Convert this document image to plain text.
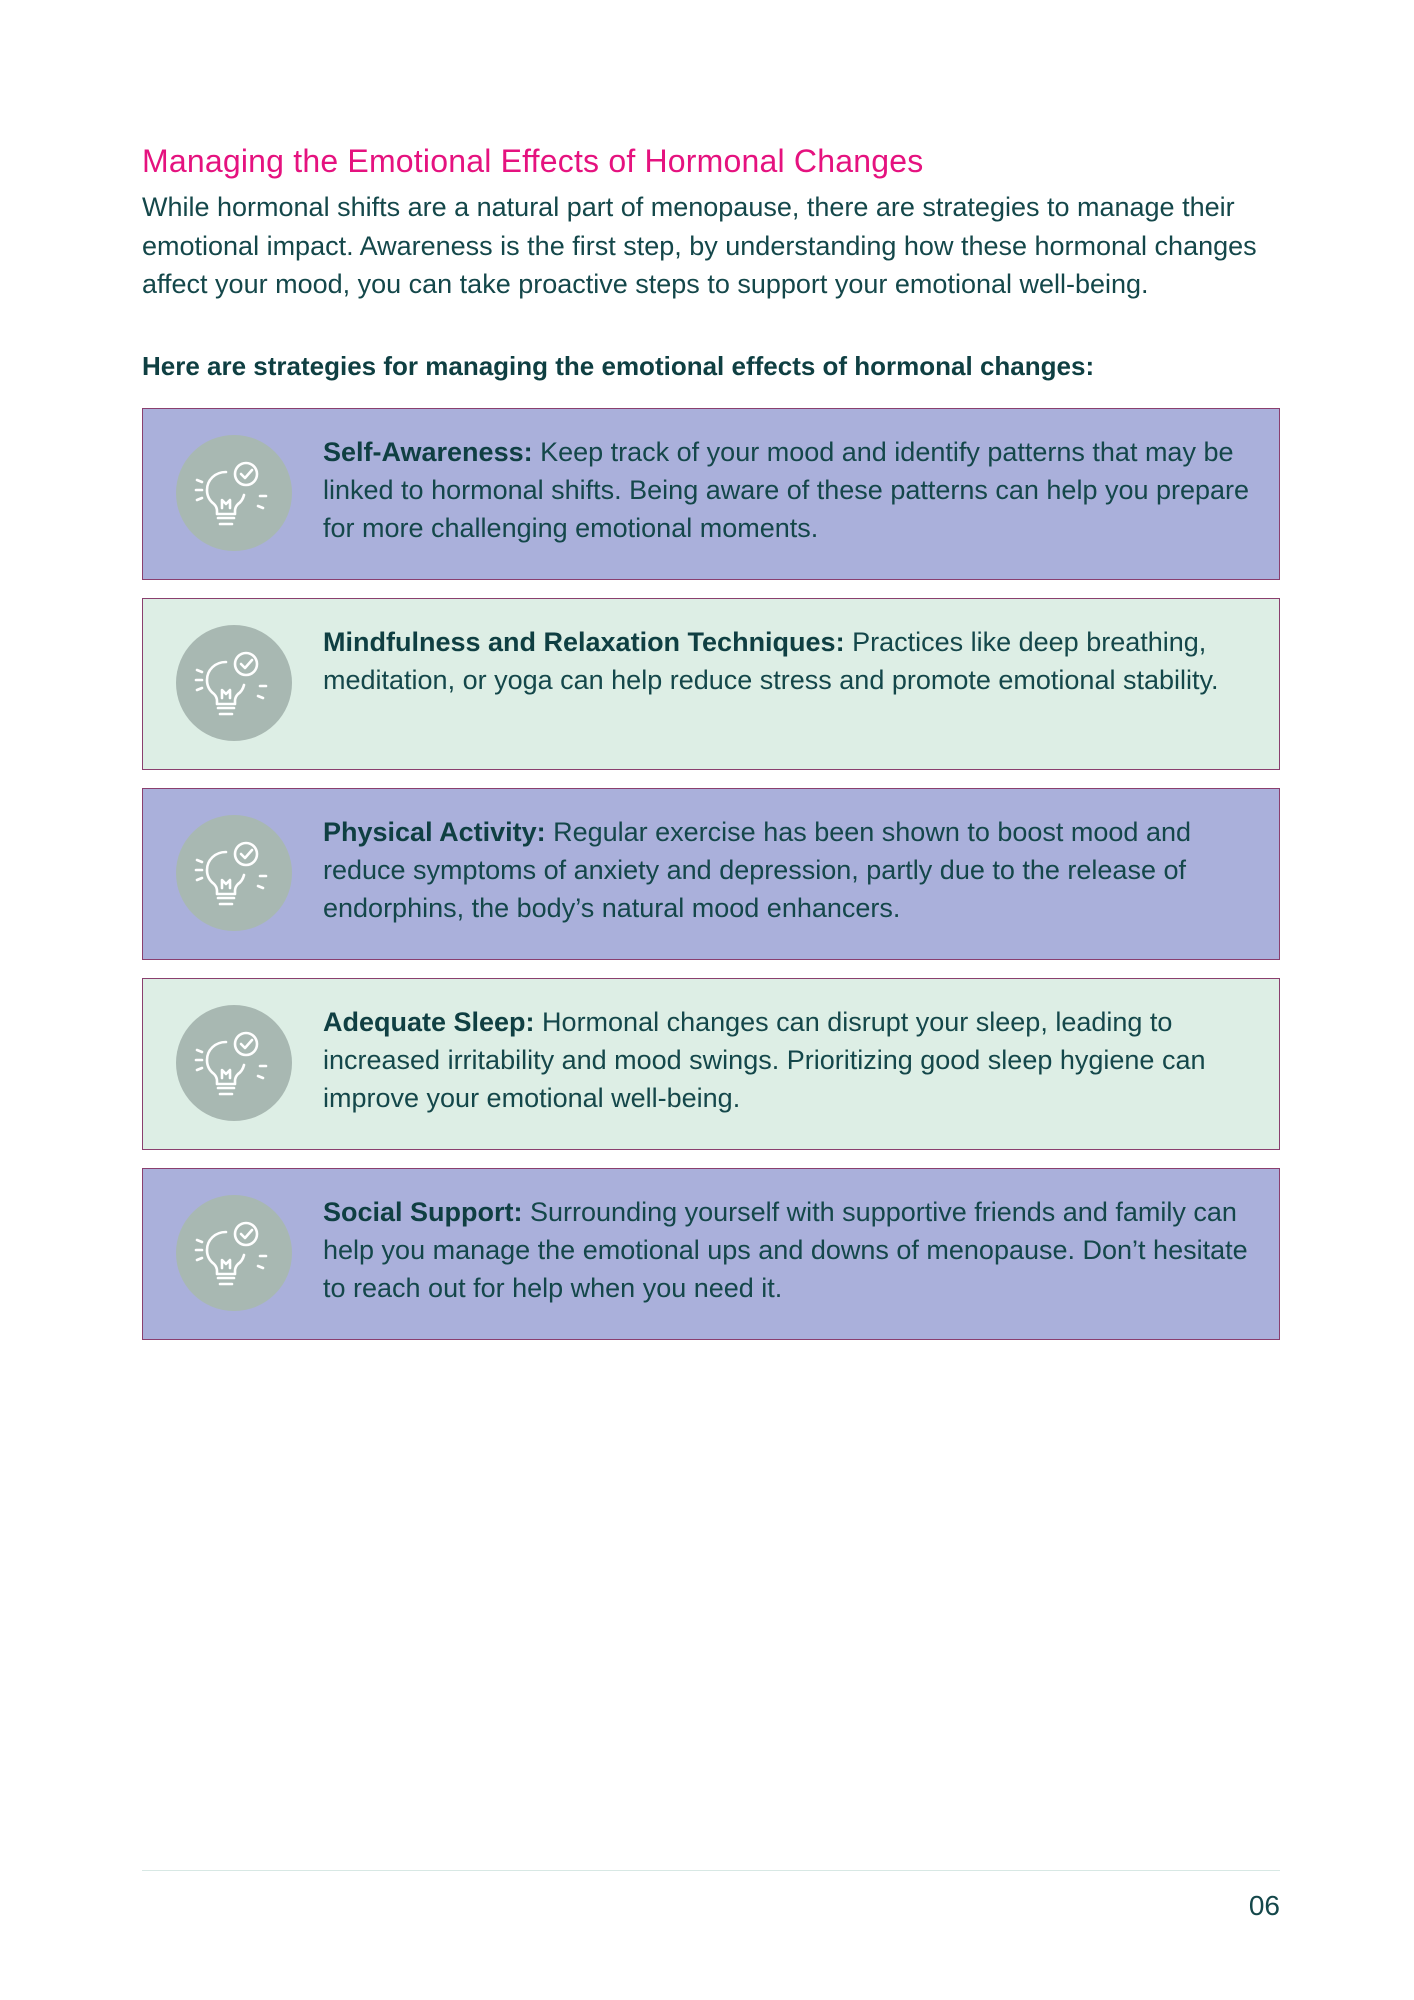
Managing the Emotional Effects of Hormonal Changes

While hormonal shifts are a natural part of menopause, there are strategies to manage their emotional impact. Awareness is the first step, by understanding how these hormonal changes affect your mood, you can take proactive steps to support your emotional well-being.

Here are strategies for managing the emotional effects of hormonal changes:

Self-Awareness: Keep track of your mood and identify patterns that may be linked to hormonal shifts. Being aware of these patterns can help you prepare for more challenging emotional moments.
Mindfulness and Relaxation Techniques: Practices like deep breathing, meditation, or yoga can help reduce stress and promote emotional stability.
Physical Activity: Regular exercise has been shown to boost mood and reduce symptoms of anxiety and depression, partly due to the release of endorphins, the body’s natural mood enhancers.
Adequate Sleep: Hormonal changes can disrupt your sleep, leading to increased irritability and mood swings. Prioritizing good sleep hygiene can improve your emotional well-being.
Social Support: Surrounding yourself with supportive friends and family can help you manage the emotional ups and downs of menopause. Don’t hesitate to reach out for help when you need it.
06
